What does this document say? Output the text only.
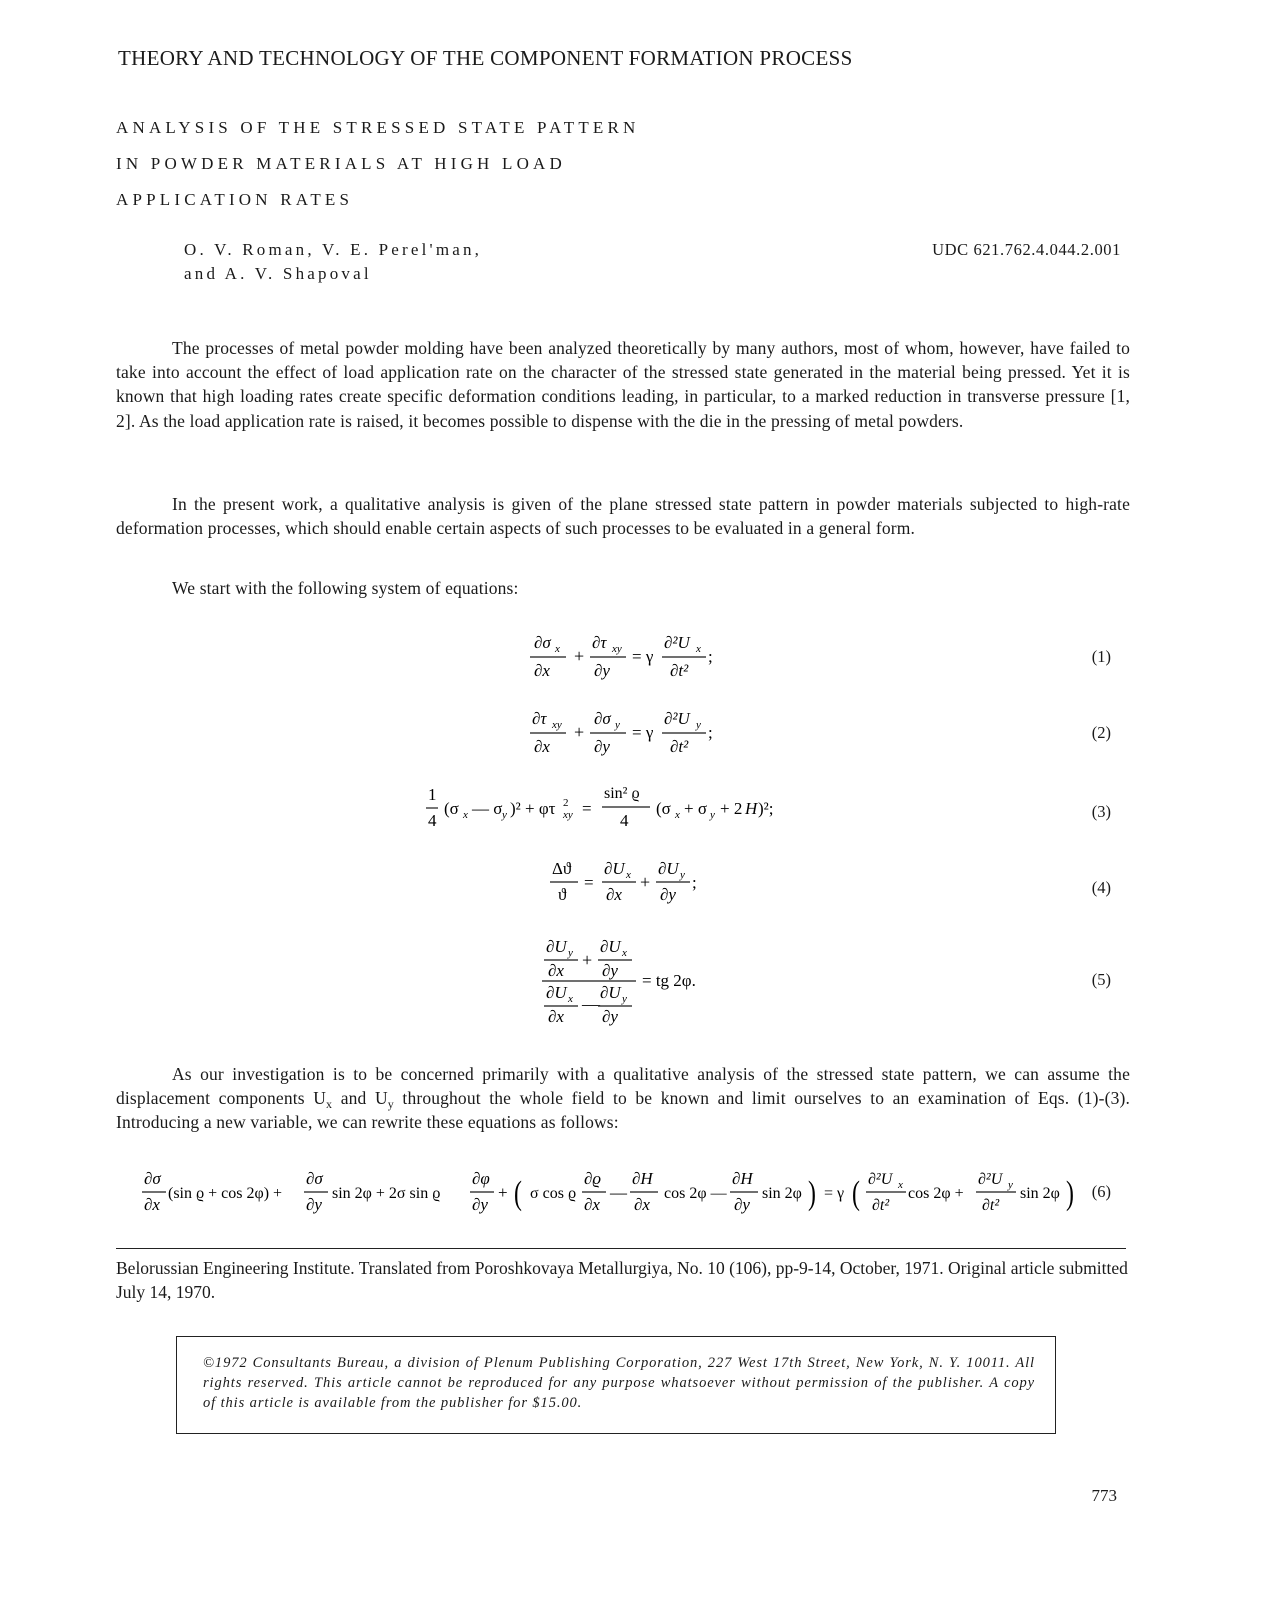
THEORY AND TECHNOLOGY OF THE COMPONENT FORMATION PROCESS
ANALYSIS OF THE STRESSED STATE PATTERN
IN POWDER MATERIALS AT HIGH LOAD
APPLICATION RATES
O. V. Roman, V. E. Perel'man,
and A. V. Shapoval
UDC 621.762.4.044.2.001
The processes of metal powder molding have been analyzed theoretically by many authors, most of whom, however, have failed to take into account the effect of load application rate on the character of the stressed state generated in the material being pressed. Yet it is known that high loading rates create specific deformation conditions leading, in particular, to a marked reduction in transverse pressure [1, 2]. As the load application rate is raised, it becomes possible to dispense with the die in the pressing of metal powders.
In the present work, a qualitative analysis is given of the plane stressed state pattern in powder materials subjected to high-rate deformation processes, which should enable certain aspects of such processes to be evaluated in a general form.
We start with the following system of equations:
∂σ x
∂x
+
∂τ xy
∂y
= γ
∂²U x
∂t²
;	(1)
∂τ xy
∂x
+
∂σ y
∂y
= γ
∂²U y
∂t²
;	(2)
1
4
(σ x — σ y )² + φτ 2
xy =
sin² ϱ
4
(σ x + σ y + 2 H )²;	(3)
Δϑ
ϑ
=
∂U x
∂x
+
∂U y
∂y
;	(4)
∂U y
∂x
+
∂U x
∂y
∂U x
∂x
—
∂U y
∂y
= tg 2φ.	(5)
As our investigation is to be concerned primarily with a qualitative analysis of the stressed state pattern, we can assume the displacement components $U_x$ and $U_y$ throughout the whole field to be known and limit ourselves to an examination of Eqs. (1)-(3). Introducing a new variable, we can rewrite these equations as follows:
∂σ
∂x
(sin ϱ + cos 2φ) +
∂σ
∂y
sin 2φ + 2σ sin ϱ
∂φ
∂y
+ ( σ cos ϱ
∂ϱ
∂x
—
∂H
∂x
cos 2φ —
∂H
∂y
sin 2φ ) = γ ( ∂²U x
∂t²
cos 2φ +
∂²U y
∂t²
sin 2φ ) (6)
Belorussian Engineering Institute. Translated from Poroshkovaya Metallurgiya, No. 10 (106), pp-9-14, October, 1971. Original article submitted July 14, 1970.
©1972 Consultants Bureau, a division of Plenum Publishing Corporation, 227 West 17th Street, New York, N. Y. 10011. All rights reserved. This article cannot be reproduced for any purpose whatsoever without permission of the publisher. A copy of this article is available from the publisher for $15.00.
773
